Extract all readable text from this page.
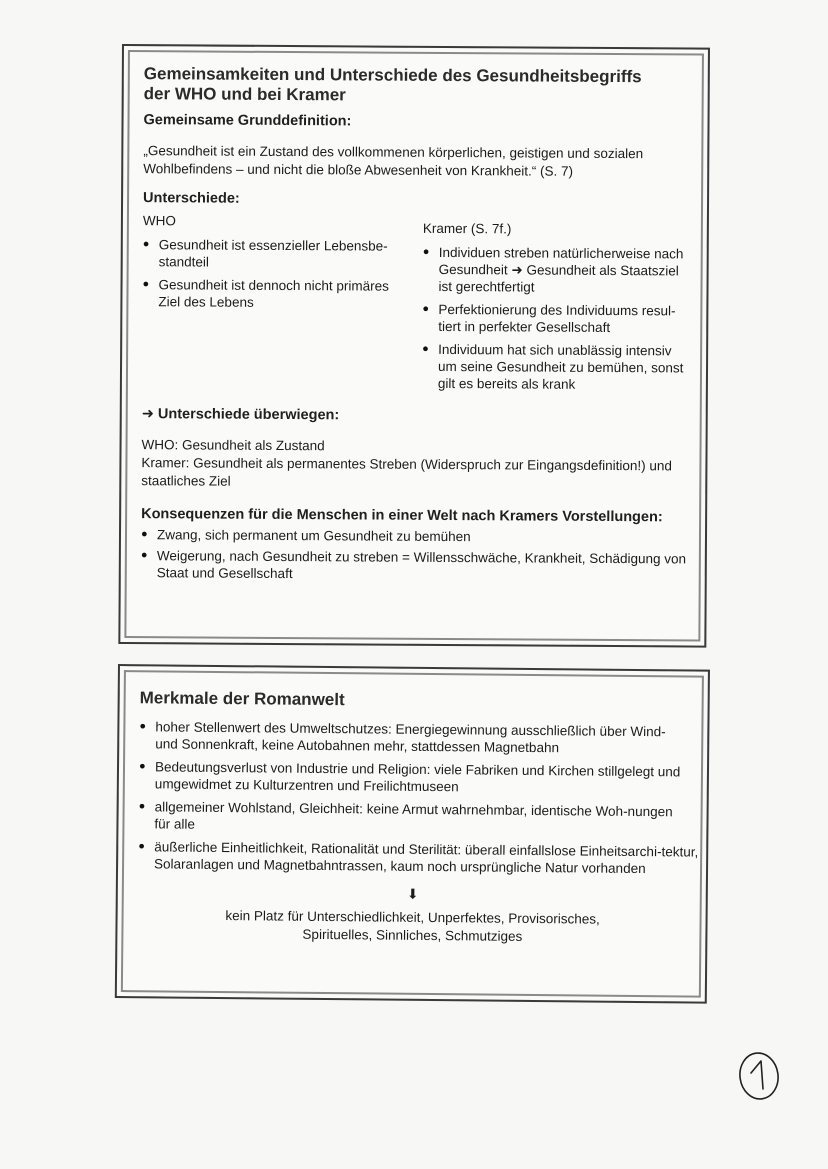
Gemeinsamkeiten und Unterschiede des Gesundheitsbegriffs der WHO und bei Kramer
Gemeinsame Grunddefinition:

„Gesundheit ist ein Zustand des vollkommenen körperlichen, geistigen und sozialen Wohlbefindens – und nicht die bloße Abwesenheit von Krankheit.“ (S. 7)

Unterschiede:

WHO

● Gesundheit ist essenzieller Lebensbe-standteil
● Gesundheit ist dennoch nicht primäres Ziel des Lebens

Kramer (S. 7f.)

● Individuen streben natürlicherweise nach Gesundheit ➜ Gesundheit als Staatsziel ist gerechtfertigt
● Perfektionierung des Individuums resul-tiert in perfekter Gesellschaft
● Individuum hat sich unablässig intensiv um seine Gesundheit zu bemühen, sonst gilt es bereits als krank
➜ Unterschiede überwiegen:

WHO: Gesundheit als Zustand

Kramer: Gesundheit als permanentes Streben (Widerspruch zur Eingangsdefinition!) und staatliches Ziel

Konsequenzen für die Menschen in einer Welt nach Kramers Vorstellungen:
● Zwang, sich permanent um Gesundheit zu bemühen
● Weigerung, nach Gesundheit zu streben = Willensschwäche, Krankheit, Schädigung von Staat und Gesellschaft
Merkmale der Romanwelt
● hoher Stellenwert des Umweltschutzes: Energiegewinnung ausschließlich über Wind- und Sonnenkraft, keine Autobahnen mehr, stattdessen Magnetbahn
● Bedeutungsverlust von Industrie und Religion: viele Fabriken und Kirchen stillgelegt und umgewidmet zu Kulturzentren und Freilichtmuseen
● allgemeiner Wohlstand, Gleichheit: keine Armut wahrnehmbar, identische Woh-nungen für alle
● äußerliche Einheitlichkeit, Rationalität und Sterilität: überall einfallslose Einheitsarchi-tektur, Solaranlagen und Magnetbahntrassen, kaum noch ursprüngliche Natur vorhanden

⬇

kein Platz für Unterschiedlichkeit, Unperfektes, Provisorisches,

Spirituelles, Sinnliches, Schmutziges
